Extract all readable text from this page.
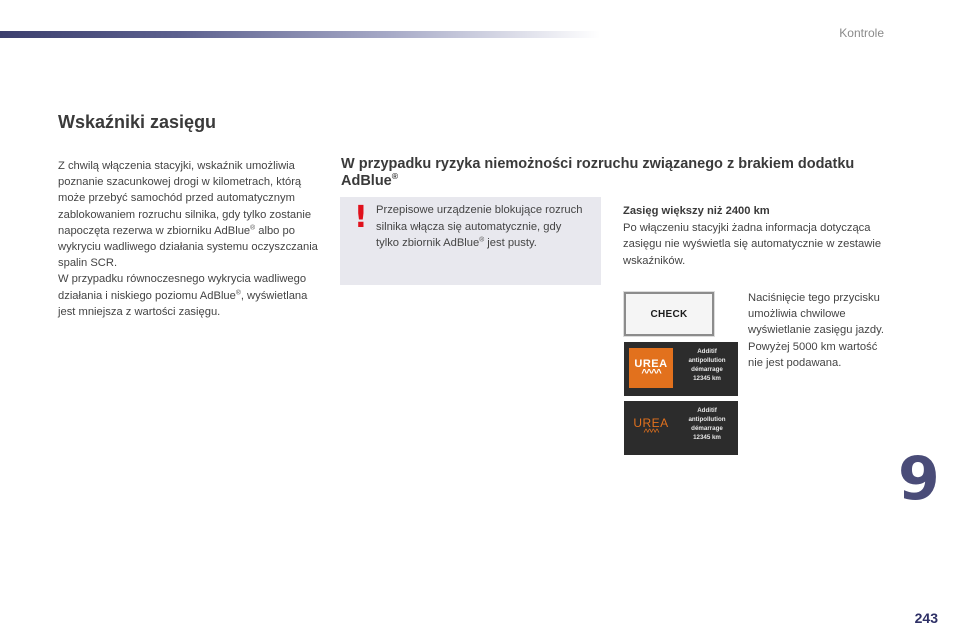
Kontrole
Wskaźniki zasięgu

Z chwilą włączenia stacyjki, wskaźnik umożliwia poznanie szacunkowej drogi w kilometrach, którą może przebyć samochód przed automatycznym zablokowaniem rozruchu silnika, gdy tylko zostanie napoczęta rezerwa w zbiorniku AdBlue® albo po wykryciu wadliwego działania systemu oczyszczania spalin SCR.

W przypadku równoczesnego wykrycia wadliwego działania i niskiego poziomu AdBlue®, wyświetlana jest mniejsza z wartości zasięgu.

W przypadku ryzyka niemożności rozruchu związanego z brakiem dodatku AdBlue®
! Przepisowe urządzenie blokujące rozruch silnika włącza się automatycznie, gdy tylko zbiornik AdBlue® jest pusty.
Zasięg większy niż 2400 km
Po włączeniu stacyjki żadna informacja dotycząca zasięgu nie wyświetla się automatycznie w zestawie wskaźników.
CHECK
UREA
^^^^
Additif
antipollution
démarrage
12345 km
UREA
^^^^
Additif
antipollution
démarrage
12345 km

Naciśnięcie tego przycisku umożliwia chwilowe wyświetlanie zasięgu jazdy.

Powyżej 5000 km wartość nie jest podawana.

9
243
